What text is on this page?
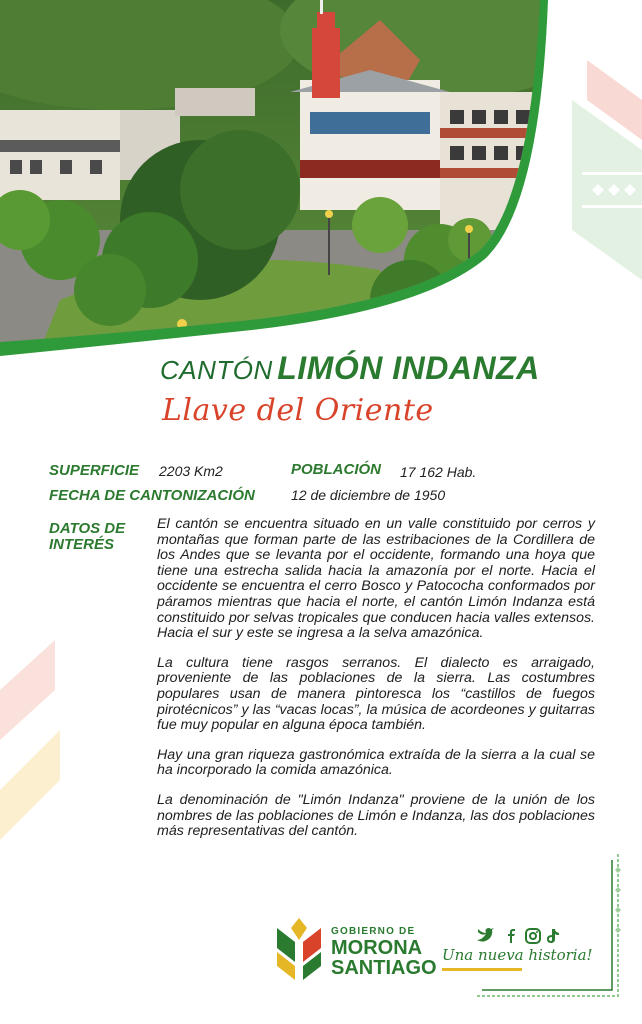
CANTÓN LIMÓN INDANZA
Llave del Oriente
SUPERFICIE 2203 Km2	POBLACIÓN 17 162 Hab.
FECHA DE CANTONIZACIÓN	12 de diciembre de 1950
DATOS DE
INTERÉS

El cantón se encuentra situado en un valle constituido por cerros y montañas que forman parte de las estribaciones de la Cordillera de los Andes que se levanta por el occidente, formando una hoya que tiene una estrecha salida hacia la amazonía por el norte. Hacia el occidente se encuentra el cerro Bosco y Patococha conformados por páramos mientras que hacia el norte, el cantón Limón Indanza está constituido por selvas tropicales que conducen hacia valles extensos. Hacia el sur y este se ingresa a la selva amazónica.

La cultura tiene rasgos serranos. El dialecto es arraigado, proveniente de las poblaciones de la sierra. Las costumbres populares usan de manera pintoresca los “castillos de fuegos pirotécnicos” y las “vacas locas”, la música de acordeones y guitarras fue muy popular en alguna época también.

Hay una gran riqueza gastronómica extraída de la sierra a la cual se ha incorporado la comida amazónica.

La denominación de "Limón Indanza" proviene de la unión de los nombres de las poblaciones de Limón e Indanza, las dos poblaciones más representativas del cantón.

GOBIERNO DE
MORONA
SANTIAGO
Una nueva historia!
